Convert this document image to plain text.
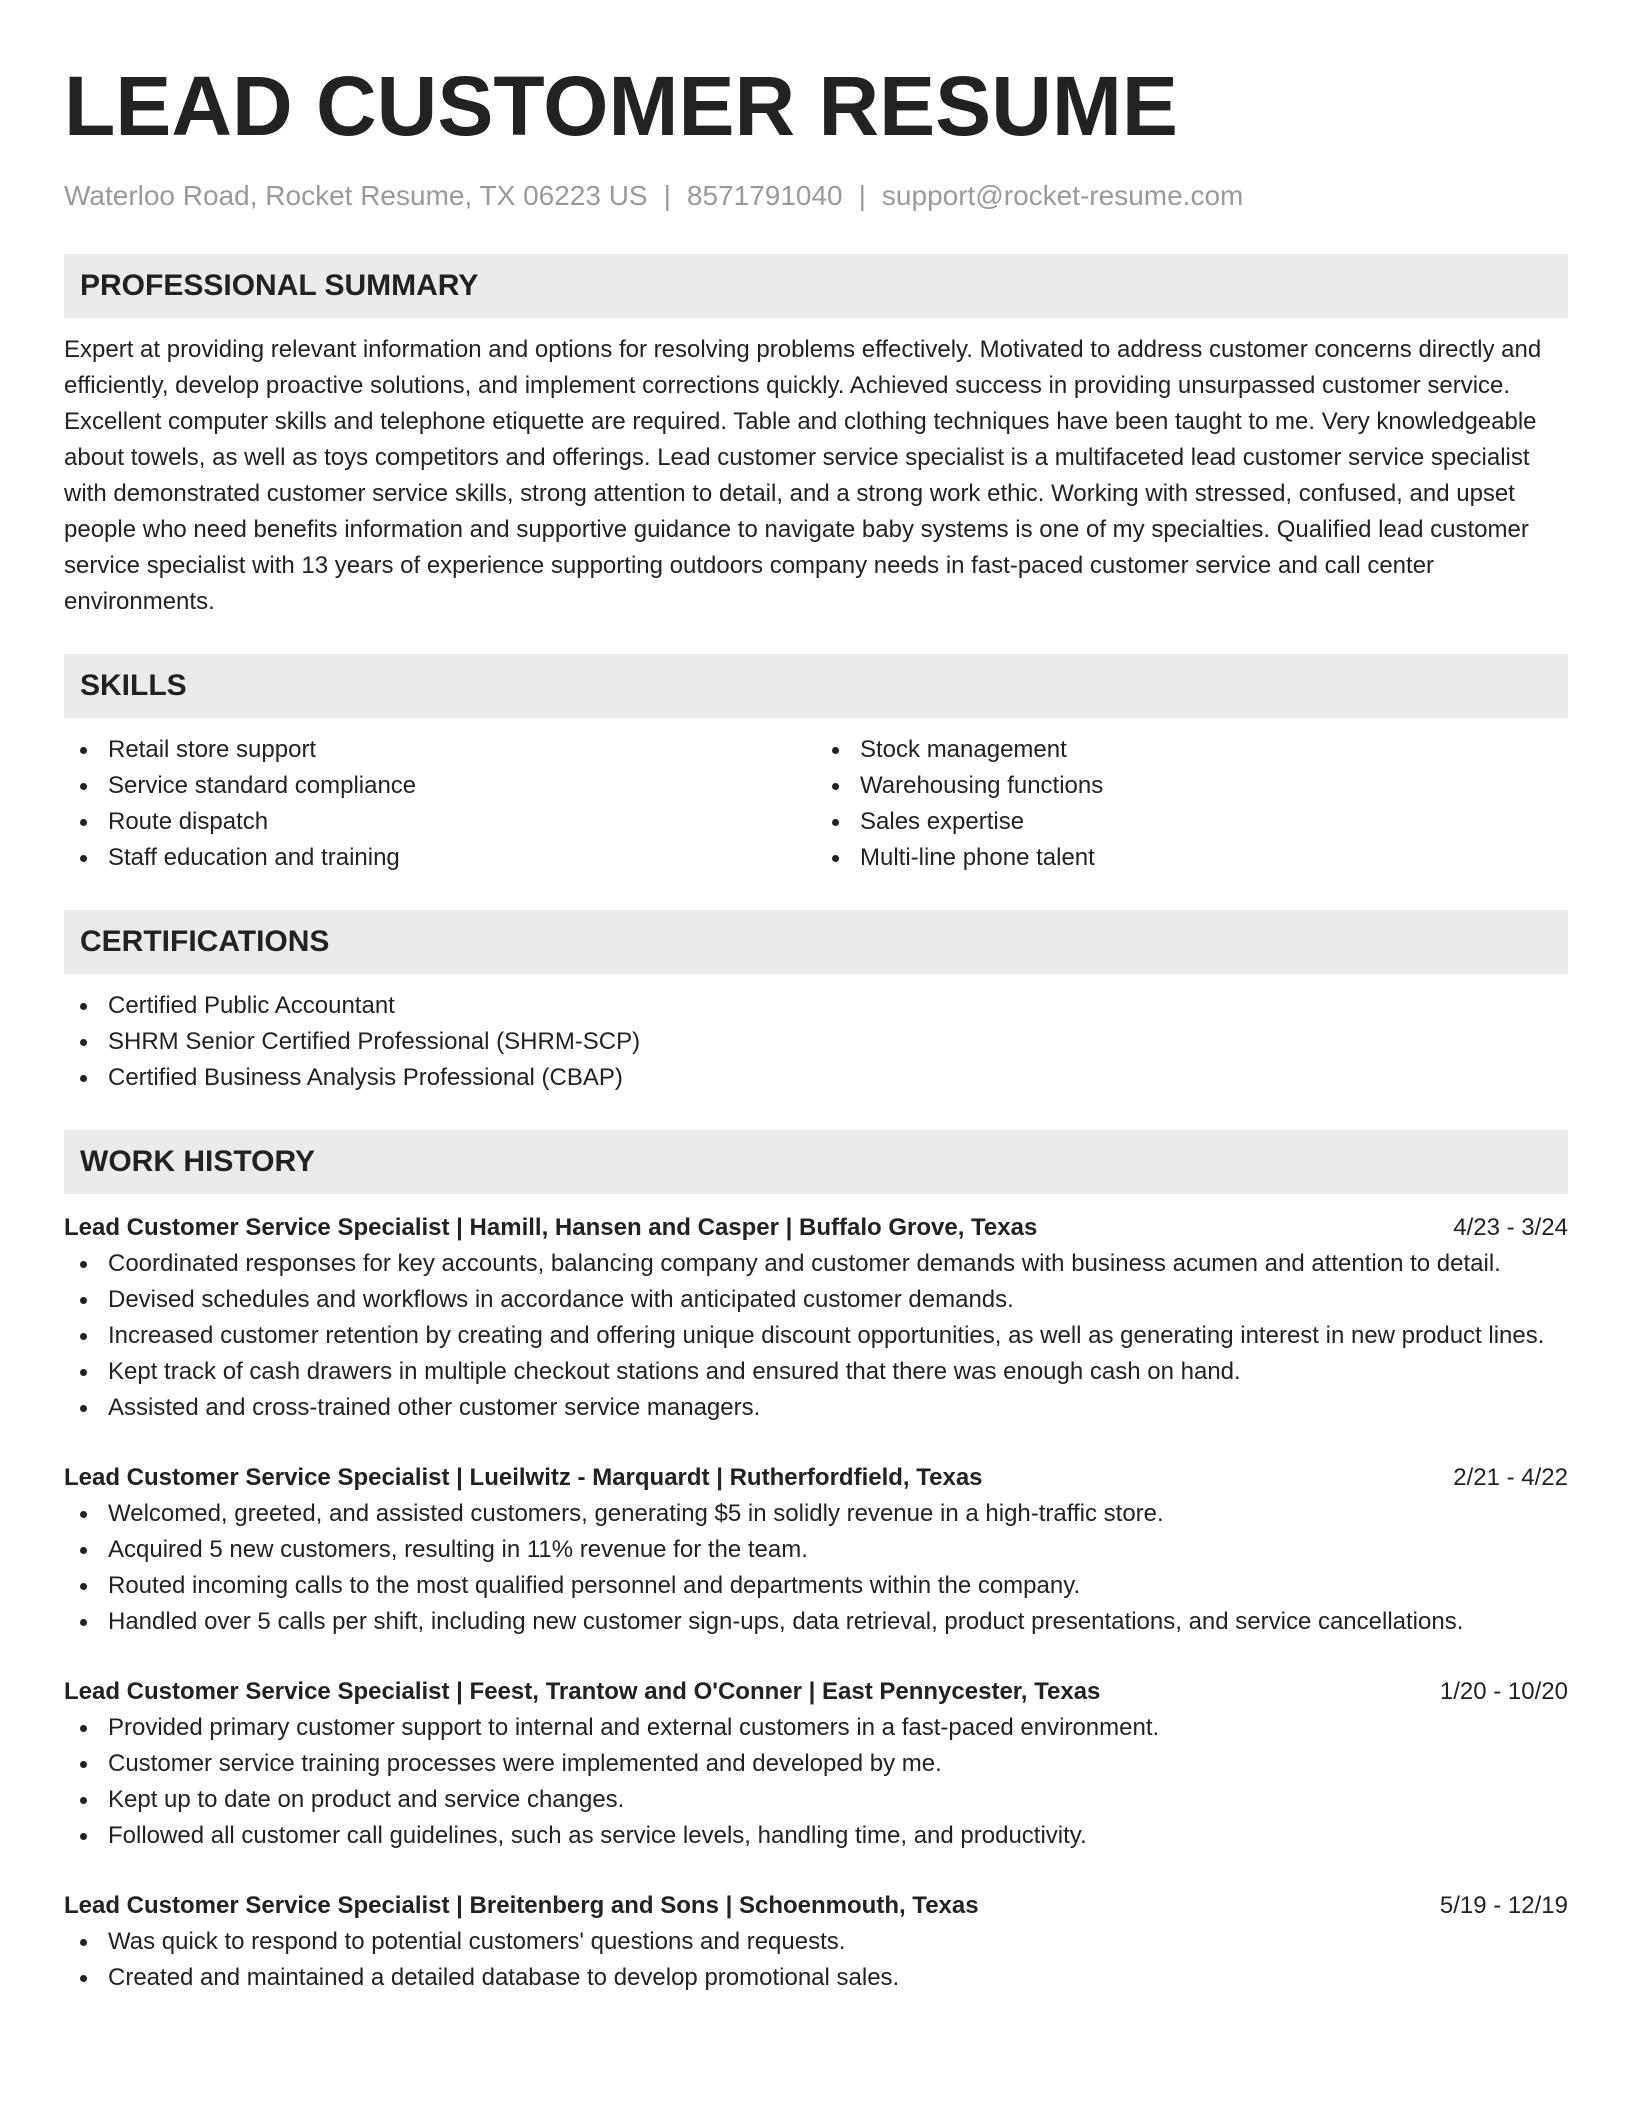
LEAD CUSTOMER RESUME
Waterloo Road, Rocket Resume, TX 06223 US | 8571791040 | support@rocket-resume.com
PROFESSIONAL SUMMARY

Expert at providing relevant information and options for resolving problems effectively. Motivated to address customer concerns directly and efficiently, develop proactive solutions, and implement corrections quickly. Achieved success in providing unsurpassed customer service. Excellent computer skills and telephone etiquette are required. Table and clothing techniques have been taught to me. Very knowledgeable about towels, as well as toys competitors and offerings. Lead customer service specialist is a multifaceted lead customer service specialist with demonstrated customer service skills, strong attention to detail, and a strong work ethic. Working with stressed, confused, and upset people who need benefits information and supportive guidance to navigate baby systems is one of my specialties. Qualified lead customer service specialist with 13 years of experience supporting outdoors company needs in fast-paced customer service and call center environments.

SKILLS
Retail store support
Service standard compliance
Route dispatch
Staff education and training
Stock management
Warehousing functions
Sales expertise
Multi-line phone talent
CERTIFICATIONS
Certified Public Accountant
SHRM Senior Certified Professional (SHRM-SCP)
Certified Business Analysis Professional (CBAP)
WORK HISTORY
Lead Customer Service Specialist | Hamill, Hansen and Casper | Buffalo Grove, Texas	4/23 - 3/24
Coordinated responses for key accounts, balancing company and customer demands with business acumen and attention to detail.
Devised schedules and workflows in accordance with anticipated customer demands.
Increased customer retention by creating and offering unique discount opportunities, as well as generating interest in new product lines.
Kept track of cash drawers in multiple checkout stations and ensured that there was enough cash on hand.
Assisted and cross-trained other customer service managers.
Lead Customer Service Specialist | Lueilwitz - Marquardt | Rutherfordfield, Texas	2/21 - 4/22
Welcomed, greeted, and assisted customers, generating $5 in solidly revenue in a high-traffic store.
Acquired 5 new customers, resulting in 11% revenue for the team.
Routed incoming calls to the most qualified personnel and departments within the company.
Handled over 5 calls per shift, including new customer sign-ups, data retrieval, product presentations, and service cancellations.
Lead Customer Service Specialist | Feest, Trantow and O'Conner | East Pennycester, Texas	1/20 - 10/20
Provided primary customer support to internal and external customers in a fast-paced environment.
Customer service training processes were implemented and developed by me.
Kept up to date on product and service changes.
Followed all customer call guidelines, such as service levels, handling time, and productivity.
Lead Customer Service Specialist | Breitenberg and Sons | Schoenmouth, Texas	5/19 - 12/19
Was quick to respond to potential customers' questions and requests.
Created and maintained a detailed database to develop promotional sales.
